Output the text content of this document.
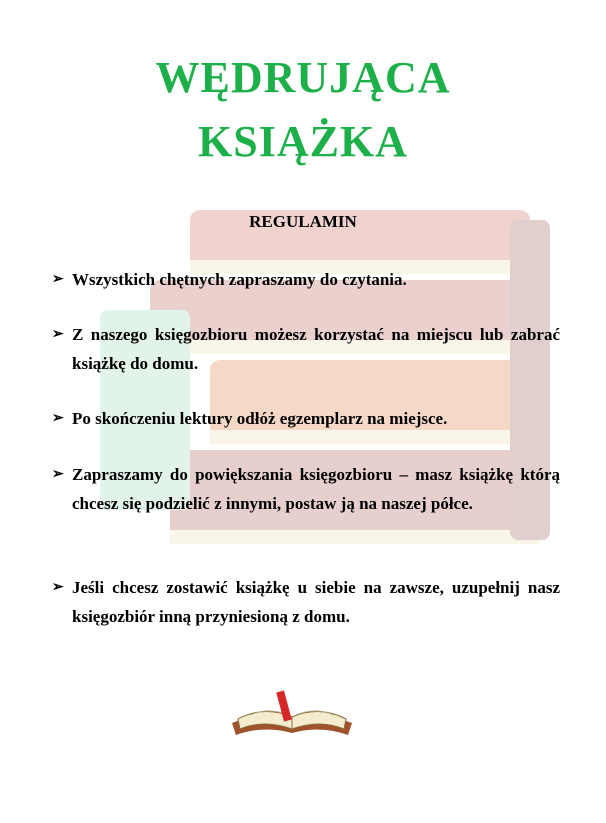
WĘDRUJĄCA
KSIĄŻKA
REGULAMIN
➢ Wszystkich chętnych zapraszamy do czytania.
➢ Z naszego księgozbioru możesz korzystać na miejscu lub zabrać książkę do domu.
➢ Po skończeniu lektury odłóż egzemplarz na miejsce.
➢ Zapraszamy do powiększania księgozbioru – masz książkę którą chcesz się podzielić z innymi, postaw ją na naszej półce.
➢ Jeśli chcesz zostawić książkę u siebie na zawsze, uzupełnij nasz księgozbiór inną przyniesioną z domu.
